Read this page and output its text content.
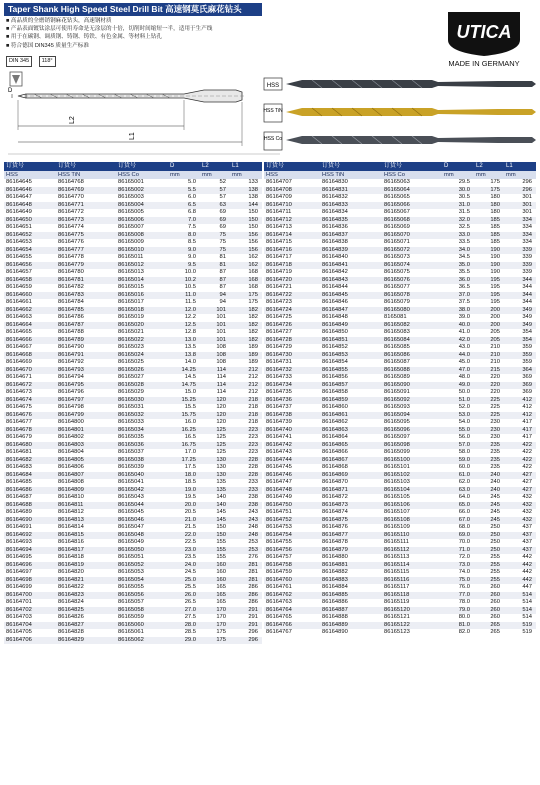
Taper Shank High Speed Steel Drill Bit 高速钢莫氏麻花钻头
■ 高品质的全磨销钢麻花钻头，高速钢材质
■ 产品表面镀钛涂层可使用寿命是无涂层的十倍，切削时间缩短一半，适用于生产线
■ 用于在碳钢、调质钢、铸钢、铸铁、有色金属、等材料上钻孔
■ 符合德国 DIN345 质量生产标准
DIN 345 118°
UTICA
MADE IN GERMANY
L2
L1
D
HSS
HSS TiN
HSS Co
订货号	订货号	订货号	D	L2	L1
HSS	HSS TiN	HSS Co	mm	mm	mm
86164645	86164768	86165001	5.0	52	133
86164646	86164769	86165002	5.5	57	138
86164647	86164770	86165003	6.0	57	138
86164648	86164771	86165004	6.5	63	144
86164649	86164772	86165005	6.8	69	150
86164650	86164773	86165006	7.0	69	150
86164651	86164774	86165007	7.5	69	150
86164652	86164775	86165008	8.0	75	156
86164653	86164776	86165009	8.5	75	156
86164654	86164777	86165010	9.0	75	156
86164655	86164778	86165011	9.0	81	162
86164656	86164779	86165012	9.5	81	162
86164657	86164780	86165013	10.0	87	168
86164658	86164781	86165014	10.2	87	168
86164659	86164782	86165015	10.5	87	168
86164660	86164783	86165016	11.0	94	175
86164661	86164784	86165017	11.5	94	175
86164662	86164785	86165018	12.0	101	182
86164663	86164786	86165019	12.2	101	182
86164664	86164787	86165020	12.5	101	182
86164665	86164788	86165021	12.8	101	182
86164666	86164789	86165022	13.0	101	182
86164667	86164790	86165023	13.5	108	189
86164668	86164791	86165024	13.8	108	189
86164669	86164792	86165025	14.0	108	189
86164670	86164793	86165026	14.25	114	212
86164671	86164794	86165027	14.5	114	212
86164672	86164795	86165028	14.75	114	212
86164673	86164796	86165029	15.0	114	212
86164674	86164797	86165030	15.25	120	218
86164675	86164798	86165031	15.5	120	218
86164676	86164799	86165032	15.75	120	218
86164677	86164800	86165033	16.0	120	218
86164678	86164801	86165034	16.25	125	223
86164679	86164802	86165035	16.5	125	223
86164680	86164803	86165036	16.75	125	223
86164681	86164804	86165037	17.0	125	223
86164682	86164805	86165038	17.25	130	228
86164683	86164806	86165039	17.5	130	228
86164684	86164807	86165040	18.0	130	228
86164685	86164808	86165041	18.5	135	233
86164686	86164809	86165042	19.0	135	233
86164687	86164810	86165043	19.5	140	238
86164688	86164811	86165044	20.0	140	238
86164689	86164812	86165045	20.5	145	243
86164690	86164813	86165046	21.0	145	243
86164691	86164814	86165047	21.5	150	248
86164692	86164815	86165048	22.0	150	248
86164693	86164816	86165049	22.5	155	253
86164694	86164817	86165050	23.0	155	253
86164695	86164818	86165051	23.5	155	276
86164696	86164819	86165052	24.0	160	281
86164697	86164820	86165053	24.5	160	281
86164698	86164821	86165054	25.0	160	281
86164699	86164822	86165055	25.5	165	286
86164700	86164823	86165056	26.0	165	286
86164701	86164824	86165057	26.5	165	286
86164702	86164825	86165058	27.0	170	291
86164703	86164826	86165059	27.5	170	291
86164704	86164827	86165060	28.0	170	291
86164705	86164828	86165061	28.5	175	296
86164706	86164829	86165062	29.0	175	296
订货号	订货号	订货号	D	L2	L1
HSS	HSS TiN	HSS Co	mm	mm	mm
86164707	86164830	86165063	29.5	175	296
86164708	86164831	86165064	30.0	175	296
86164709	86164832	86165065	30.5	180	301
86164710	86164833	86165066	31.0	180	301
86164711	86164834	86165067	31.5	180	301
86164712	86164835	86165068	32.0	185	334
86164713	86164836	86165069	32.5	185	334
86164714	86164837	86165070	33.0	185	334
86164715	86164838	86165071	33.5	185	334
86164716	86164839	86165072	34.0	190	339
86164717	86164840	86165073	34.5	190	339
86164718	86164841	86165074	35.0	190	339
86164719	86164842	86165075	35.5	190	339
86164720	86164843	86165076	36.0	195	344
86164721	86164844	86165077	36.5	195	344
86164722	86164845	86165078	37.0	195	344
86164723	86164846	86165079	37.5	195	344
86164724	86164847	86165080	38.0	200	349
86164725	86164848	8165081	39.0	200	349
86164726	86164849	86165082	40.0	200	349
86164727	86164850	86165083	41.0	205	354
86164728	86164851	86165084	42.0	205	354
86164729	86164852	86165085	43.0	210	359
86164730	86164853	86165086	44.0	210	359
86164731	86164854	86165087	45.0	210	359
86164732	86164855	86165088	47.0	215	364
86164733	86164856	86165089	48.0	220	369
86164734	86164857	86165090	49.0	220	369
86164735	86164858	86165091	50.0	220	369
86164736	86164859	86165092	51.0	225	412
86164737	86164860	86165093	52.0	225	412
86164738	86164861	86165094	53.0	225	412
86164739	86164862	86165095	54.0	230	417
86164740	86164863	86165096	55.0	230	417
86164741	86164864	86165097	56.0	230	417
86164742	86164865	86165098	57.0	235	422
86164743	86164866	86165099	58.0	235	422
86164744	86164867	86165100	59.0	235	422
86164745	86164868	86165101	60.0	235	422
86164746	86164869	86165102	61.0	240	427
86164747	86164870	86165103	62.0	240	427
86164748	86164871	86165104	63.0	240	427
86164749	86164872	86165105	64.0	245	432
86164750	86164873	86165106	65.0	245	432
86164751	86164874	86165107	66.0	245	432
86164752	86164875	86165108	67.0	245	432
86164753	86164876	86165109	68.0	250	437
86164754	86164877	86165110	69.0	250	437
86164755	86164878	86165111	70.0	250	437
86164756	86164879	86165112	71.0	250	437
86164757	86164880	86165113	72.0	255	442
86164758	86164881	86165114	73.0	255	442
86164759	86164882	86165115	74.0	255	442
86164760	86164883	86165116	75.0	255	442
86164761	86164884	86165117	76.0	260	447
86164762	86164885	86165118	77.0	260	514
86164763	86164886	86165119	78.0	260	514
86164764	86164887	86165120	79.0	260	514
86164765	86164888	86165121	80.0	260	514
86164766	86164889	86165122	81.0	265	519
86164767	86164890	86165123	82.0	265	519
